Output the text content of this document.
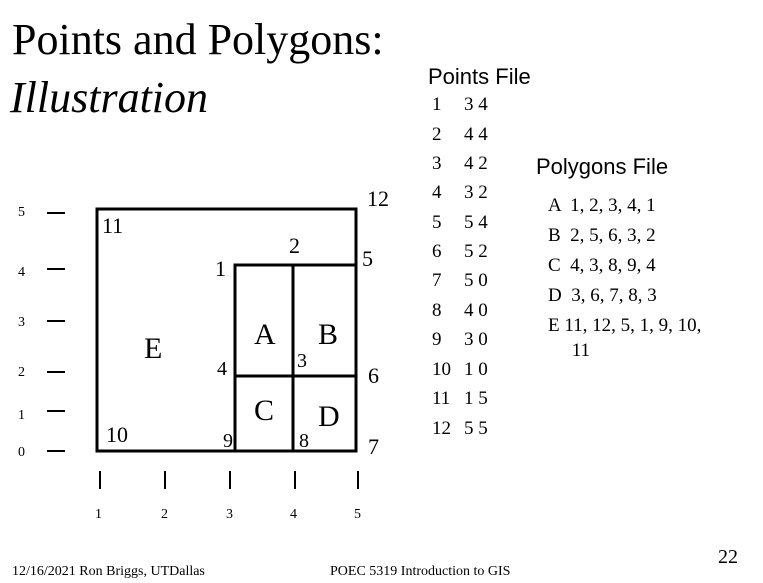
5
4
3
2
1
0
1	2	3	4	5
1
2
3
4
5
6
7
8
9
10
11
12
A B
C D
E
Points and Polygons:
Illustration	Points File
1 3 4
2 4 4
3 4 2
4 3 2
5 5 4
6 5 2
7 5 0
8 4 0
9 3 0
10 1 0
11 1 5
12 5 5
Polygons File
A  1, 2, 3, 4, 1
B  2, 5, 6, 3, 2
C  4, 3, 8, 9, 4
D  3, 6, 7, 8, 3
E 11, 12, 5, 1, 9, 10,
11
12/16/2021 Ron Briggs, UTDallas	POEC 5319 Introduction to GIS
22
